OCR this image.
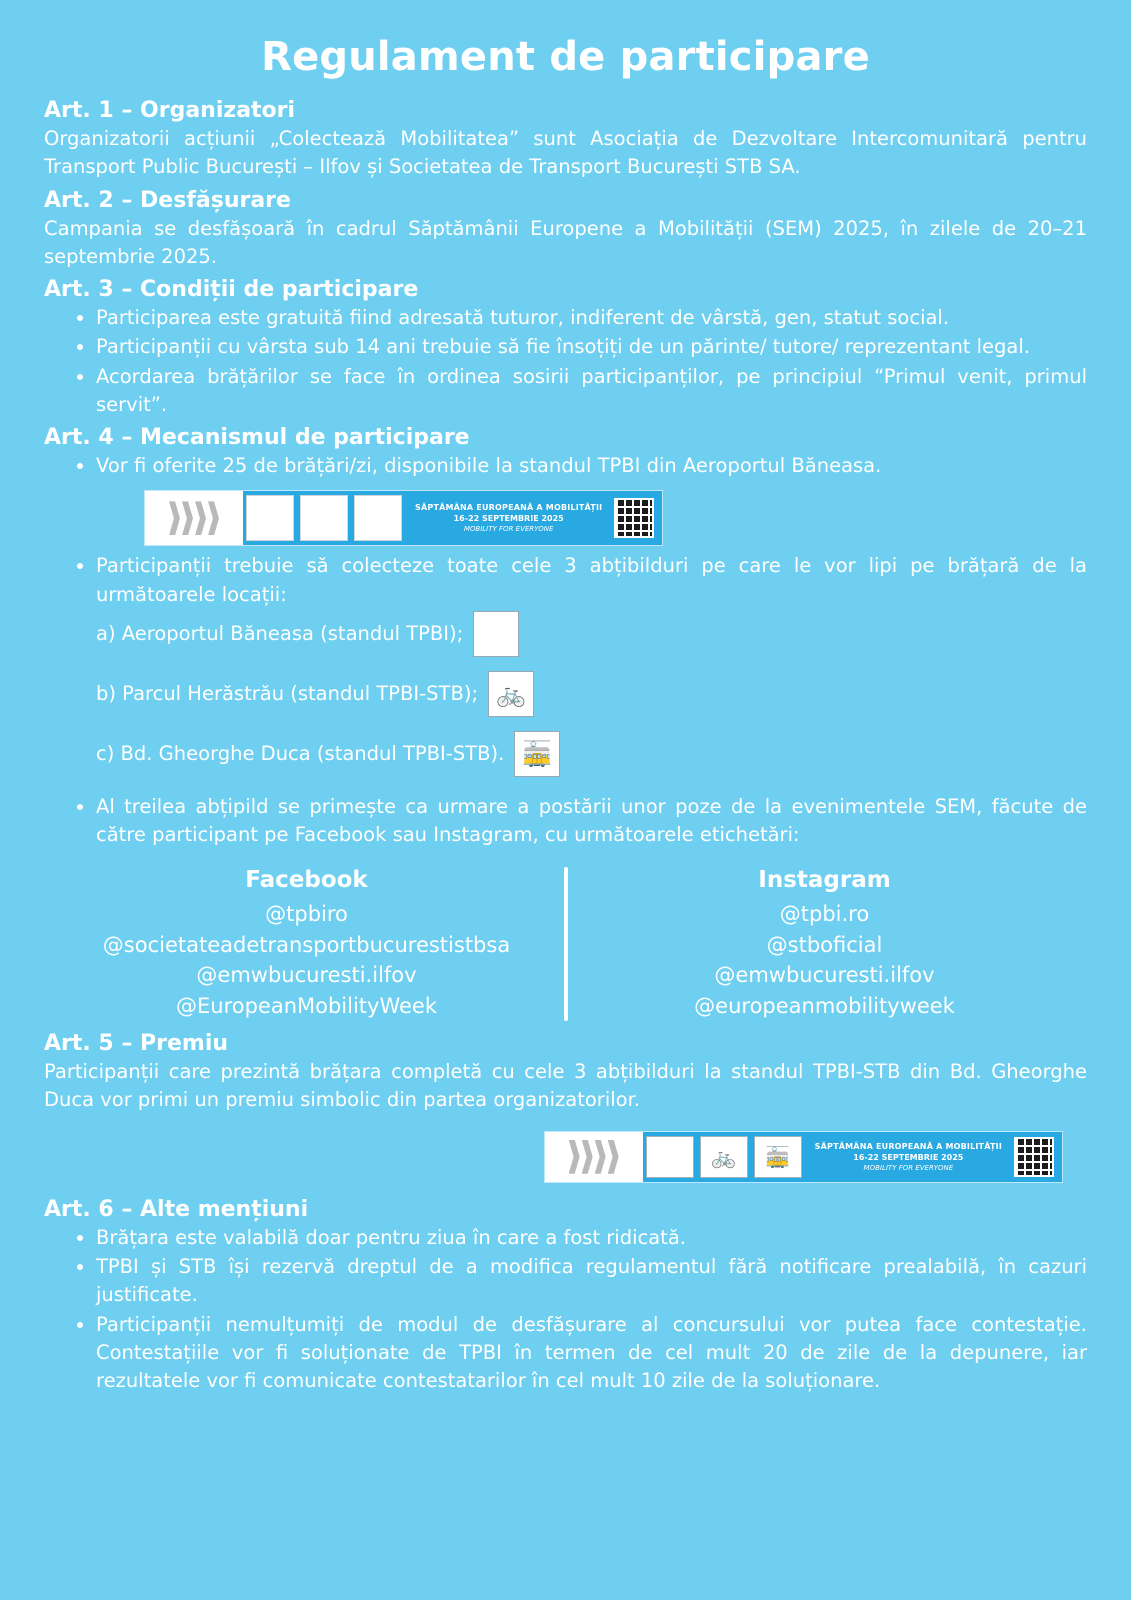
Regulament de participare
Art. 1 – Organizatori

Organizatorii acțiunii „Colectează Mobilitatea” sunt Asociația de Dezvoltare Intercomunitară pentru Transport Public București – Ilfov și Societatea de Transport București STB SA.

Art. 2 – Desfășurare

Campania se desfășoară în cadrul Săptămânii Europene a Mobilității (SEM) 2025, în zilele de 20–21 septembrie 2025.

Art. 3 – Condiții de participare
• Participarea este gratuită fiind adresată tuturor, indiferent de vârstă, gen, statut social.
• Participanții cu vârsta sub 14 ani trebuie să fie însoțiți de un părinte/ tutore/ reprezentant legal.
• Acordarea brățărilor se face în ordinea sosirii participanților, pe principiul “Primul venit, primul servit”.
Art. 4 – Mecanismul de participare
• Vor fi oferite 25 de brățări/zi, disponibile la standul TPBI din Aeroportul Băneasa.
SĂPTĂMÂNA EUROPEANĂ A MOBILITĂȚII
16-22 SEPTEMBRIE 2025
MOBILITY FOR EVERYONE
• Participanții trebuie să colecteze toate cele 3 abțibilduri pe care le vor lipi pe brățară de la următoarele locații:
a) Aeroportul Băneasa (standul TPBI); ✈
b) Parcul Herăstrău (standul TPBI-STB); 🚲
c) Bd. Gheorghe Duca (standul TPBI-STB). 🚋
• Al treilea abțipild se primește ca urmare a postării unor poze de la evenimentele SEM, făcute de către participant pe Facebook sau Instagram, cu următoarele etichetări:
Facebook
@tpbiro
@societateadetransportbucurestistbsa
@emwbucuresti.ilfov
@EuropeanMobilityWeek
Instagram
@tpbi.ro
@stboficial
@emwbucuresti.ilfov
@europeanmobilityweek
Art. 5 – Premiu

Participanții care prezintă brățara completă cu cele 3 abțibilduri la standul TPBI-STB din Bd. Gheorghe Duca vor primi un premiu simbolic din partea organizatorilor.

✈	🚲	🚋	SĂPTĂMÂNA EUROPEANĂ A MOBILITĂȚII
16-22 SEPTEMBRIE 2025
MOBILITY FOR EVERYONE
Art. 6 – Alte mențiuni
• Brățara este valabilă doar pentru ziua în care a fost ridicată.
• TPBI și STB își rezervă dreptul de a modifica regulamentul fără notificare prealabilă, în cazuri justificate.
• Participanții nemulțumiți de modul de desfășurare al concursului vor putea face contestație. Contestațiile vor fi soluționate de TPBI în termen de cel mult 20 de zile de la depunere, iar rezultatele vor fi comunicate contestatarilor în cel mult 10 zile de la soluționare.
